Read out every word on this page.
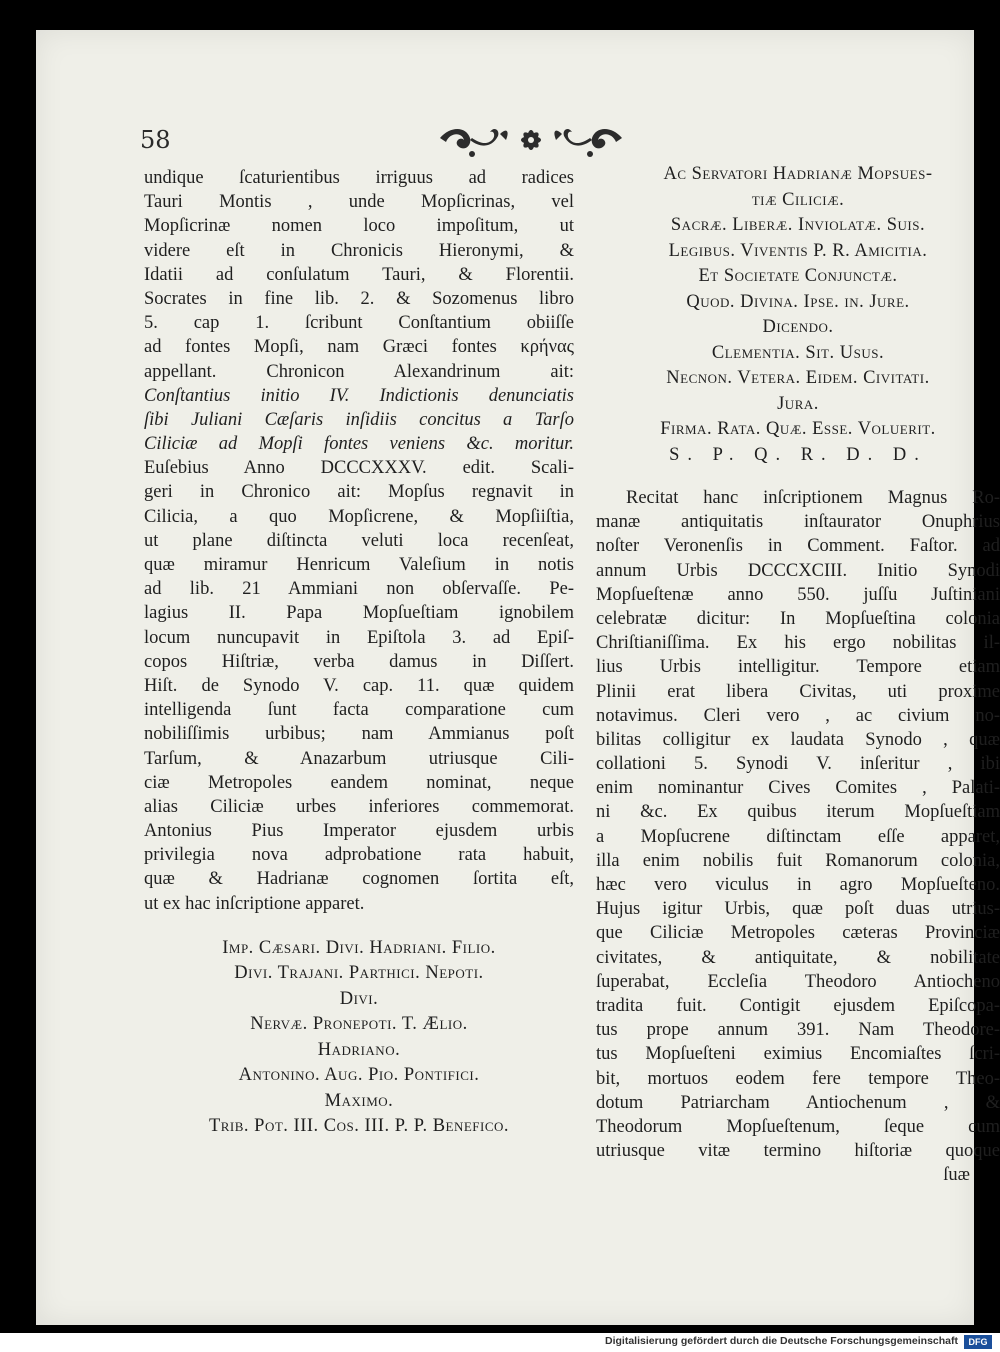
58
undique ſcaturientibus irriguus ad radices
Tauri Montis , unde Mopſicrinas, vel
Mopſicrinæ nomen loco impoſitum, ut
videre eſt in Chronicis Hieronymi, &
Idatii ad conſulatum Tauri, & Florentii.
Socrates in fine lib. 2. & Sozomenus libro
5. cap 1. ſcribunt Conſtantium obiiſſe
ad fontes Mopſi, nam Græci fontes κρήνας
appellant. Chronicon Alexandrinum ait:
Conſtantius initio IV. Indictionis denunciatis
ſibi Juliani Cæſaris inſidiis concitus a Tarſo
Ciliciæ ad Mopſi fontes veniens &c. moritur.
Euſebius Anno DCCCXXXV. edit. Scali-
geri in Chronico ait: Mopſus regnavit in
Cilicia, a quo Mopſicrene, & Mopſiiſtia,
ut plane diſtincta veluti loca recenſeat,
quæ miramur Henricum Valeſium in notis
ad lib. 21 Ammiani non obſervaſſe. Pe-
lagius II. Papa Mopſueſtiam ignobilem
locum nuncupavit in Epiſtola 3. ad Epiſ-
copos Hiſtriæ, verba damus in Diſſert.
Hiſt. de Synodo V. cap. 11. quæ quidem
intelligenda ſunt facta comparatione cum
nobiliſſimis urbibus; nam Ammianus poſt
Tarſum, & Anazarbum utriusque Cili-
ciæ Metropoles eandem nominat, neque
alias Ciliciæ urbes inferiores commemorat.
Antonius Pius Imperator ejusdem urbis
privilegia nova adprobatione rata habuit,
quæ & Hadrianæ cognomen ſortita eſt,
ut ex hac inſcriptione apparet.
Imp. Cæsari. Divi. Hadriani. Filio.
Divi. Trajani. Parthici. Nepoti.
Divi.
Nervæ. Pronepoti. T. Ælio.
Hadriano.
Antonino. Aug. Pio. Pontifici.
Maximo.
Trib. Pot. III. Cos. III. P. P. Benefico.
Ac Servatori Hadrianæ Mopsues-
tiæ Ciliciæ.
Sacræ. Liberæ. Inviolatæ. Suis.
Legibus. Viventis P. R. Amicitia.
Et Societate Conjunctæ.
Quod. Divina. Ipse. in. Jure.
Dicendo.
Clementia. Sit. Usus.
Necnon. Vetera. Eidem. Civitati.
Jura.
Firma. Rata. Quæ. Esse. Voluerit.
S. P. Q. R. D. D.
Recitat hanc inſcriptionem Magnus Ro-
manæ antiquitatis inſtaurator Onuphrius
noſter Veronenſis in Comment. Faſtor. ad
annum Urbis DCCCXCIII. Initio Synodi
Mopſueſtenæ anno 550. juſſu Juſtiniani
celebratæ dicitur: In Mopſueſtina colonia
Chriſtianiſſima. Ex his ergo nobilitas il-
lius Urbis intelligitur. Tempore etiam
Plinii erat libera Civitas, uti proxime
notavimus. Cleri vero , ac civium no-
bilitas colligitur ex laudata Synodo , quæ
collationi 5. Synodi V. inſeritur , ibi
enim nominantur Cives Comites , Palati-
ni &c. Ex quibus iterum Mopſueſtiam
a Mopſucrene diſtinctam eſſe apparet,
illa enim nobilis fuit Romanorum colonia,
hæc vero viculus in agro Mopſueſteno.
Hujus igitur Urbis, quæ poſt duas utrius-
que Ciliciæ Metropoles cæteras Provinciæ
civitates, & antiquitate, & nobilitate
ſuperabat, Eccleſia Theodoro Antiocheno
tradita fuit. Contigit ejusdem Epiſcopa-
tus prope annum 391. Nam Theodore-
tus Mopſueſteni eximius Encomiaſtes ſcri-
bit, mortuos eodem fere tempore Theo-
dotum Patriarcham Antiochenum , &
Theodorum Mopſueſtenum, ſeque cum
utriusque vitæ termino hiſtoriæ quoque
ſuæ
Digitalisierung gefördert durch die Deutsche Forschungsgemeinschaft	DFG
